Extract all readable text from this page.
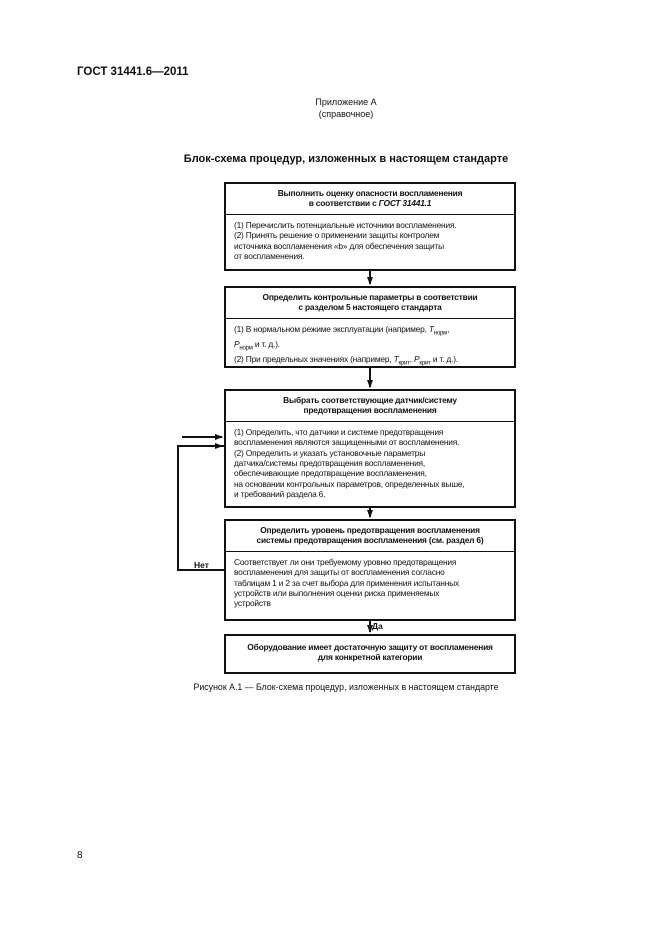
ГОСТ 31441.6—2011
Приложение А
(справочное)
Блок-схема процедур, изложенных в настоящем стандарте
Выполнить оценку опасности воспламенения
в соответствии с ГОСТ 31441.1
(1) Перечислить потенциальные источники воспламенения.
(2) Принять решение о применении защиты контролем
источника воспламенения «b» для обеспечения защиты
от воспламенения.
Определить контрольные параметры в соответствии
с разделом 5 настоящего стандарта
(1) В нормальном режиме эксплуатации (например, $T_{норм}$,
$P_{норм}$ и т. д.).
(2) При предельных значениях (например, $T_{крит}$, $P_{крит}$ и т. д.).
Выбрать соответствующие датчик/систему
предотвращения воспламенения
(1) Определить, что датчики и системе предотвращения
воспламенения являются защищенными от воспламенения.
(2) Определить и указать установочные параметры
датчика/системы предотвращения воспламенения,
обеспечивающие предотвращение воспламенения,
на основании контрольных параметров, определенных выше,
и требований раздела 6.
Определить уровень предотвращения воспламенения
системы предотвращения воспламенения (см. раздел 6)
Соответствует ли они требуемому уровню предотвращения
воспламенения для защиты от воспламенения согласно
таблицам 1 и 2 за счет выбора для применения испытанных
устройств или выполнения оценки риска применяемых
устройств
Оборудование имеет достаточную защиту от воспламенения
для конкретной категории
Нет
Да
Рисунок А.1 — Блок-схема процедур, изложенных в настоящем стандарте
8
